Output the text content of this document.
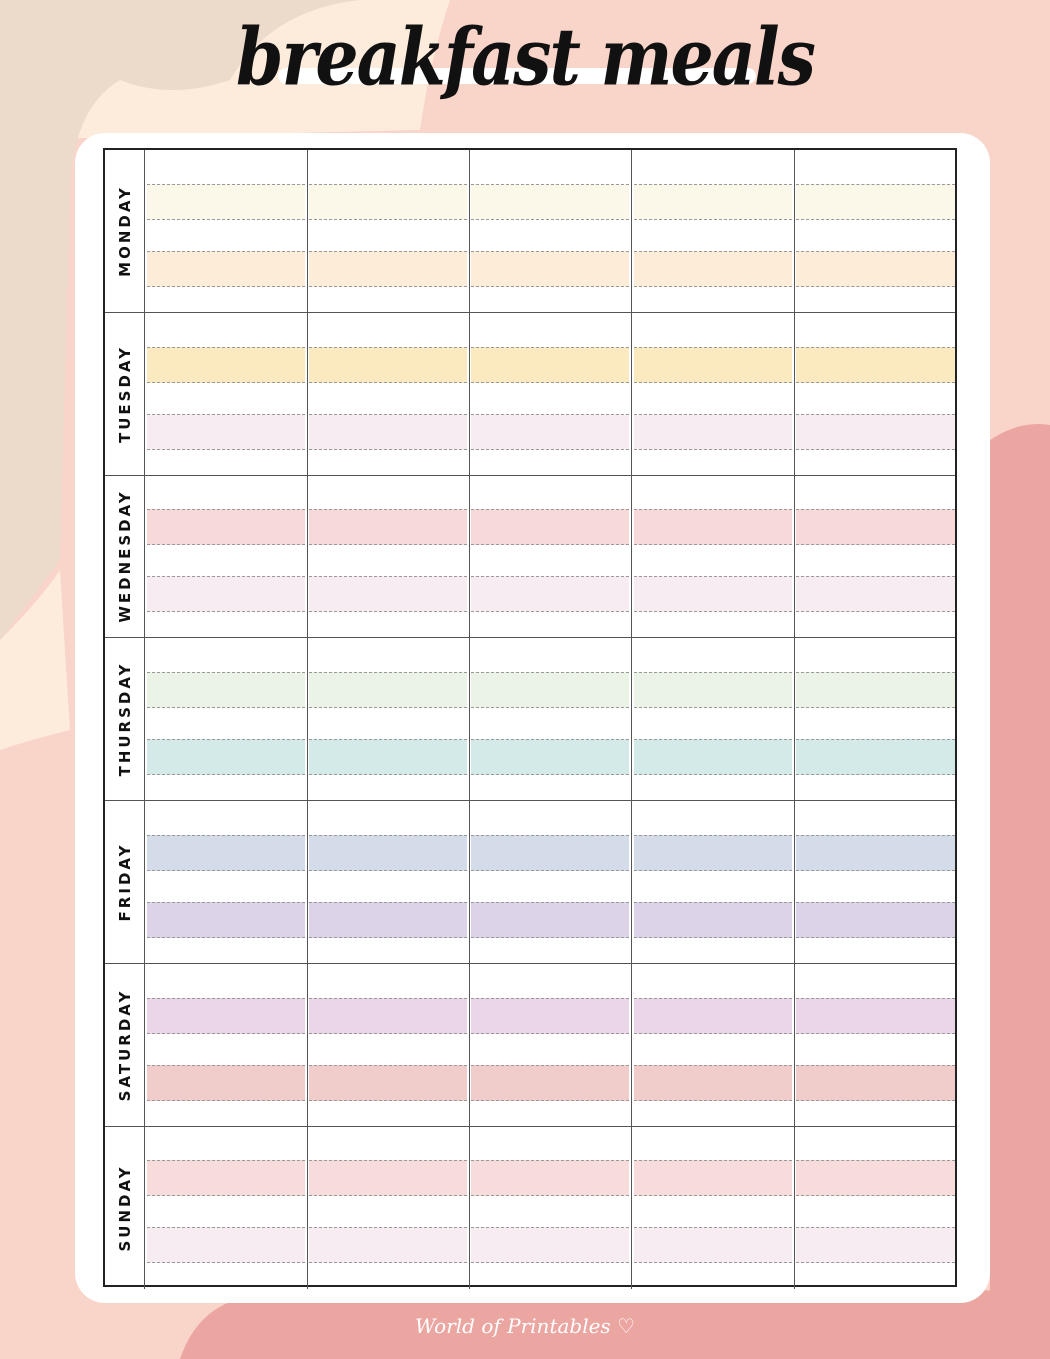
breakfast meals
MONDAY
TUESDAY
WEDNESDAY
THURSDAY
FRIDAY
SATURDAY
SUNDAY
World of Printables ♡
